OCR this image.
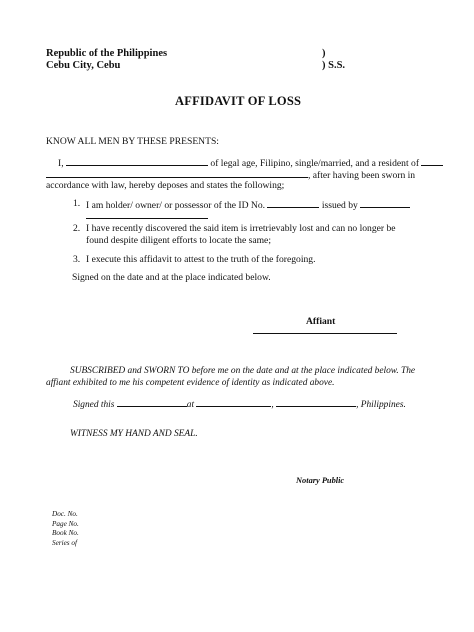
Republic of the Philippines
Cebu City, Cebu
)
) S.S.
AFFIDAVIT OF LOSS
KNOW ALL MEN BY THESE PRESENTS:
I,	of legal age, Filipino, single/married, and a resident of
, after having been sworn in
accordance with law, hereby deposes and states the following;
1. I am holder/ owner/ or possessor of the ID No.	issued by
2. I have recently discovered the said item is irretrievably lost and can no longer be
found despite diligent efforts to locate the same;
3. I execute this affidavit to attest to the truth of the foregoing.
Signed on the date and at the place indicated below.
Affiant
SUBSCRIBED and SWORN TO before me on the date and at the place indicated below. The
affiant exhibited to me his competent evidence of identity as indicated above.
Signed this	at	,	, Philippines.
WITNESS MY HAND AND SEAL.
Notary Public
Doc. No.
Page No.
Book No.
Series of
